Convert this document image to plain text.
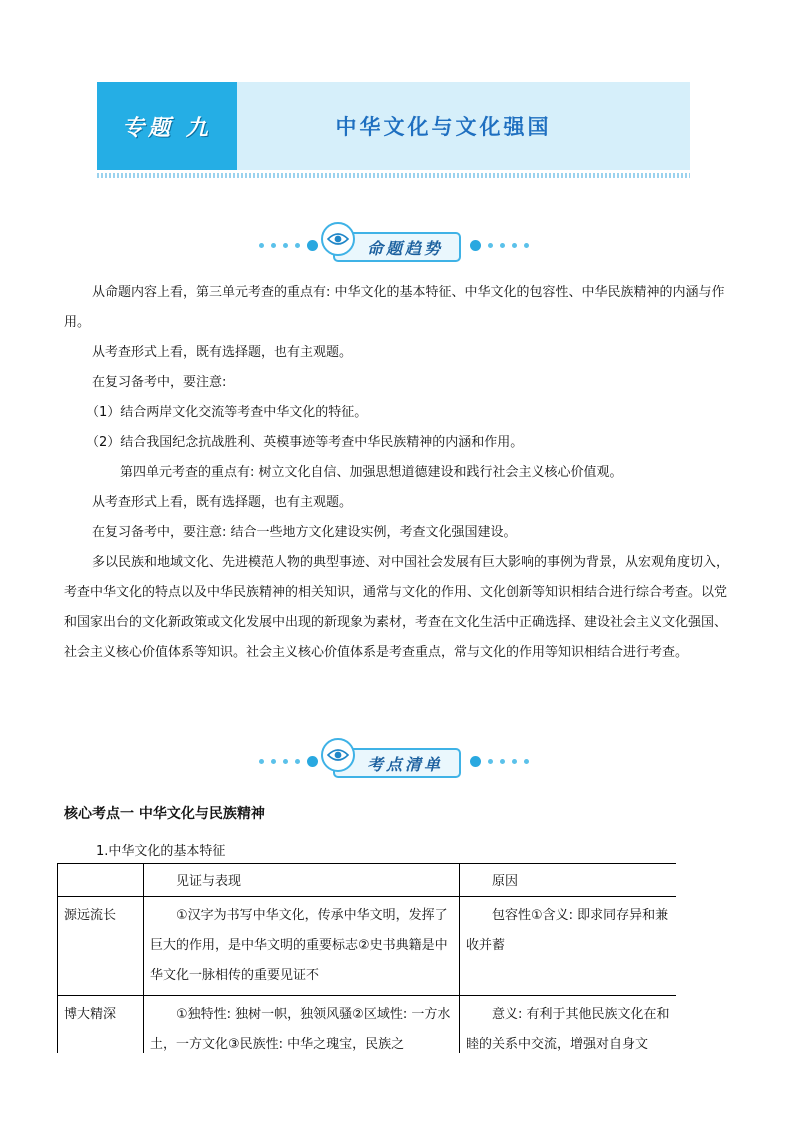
专题 九	中华文化与文化强国
命题趋势

从命题内容上看，第三单元考查的重点有: 中华文化的基本特征、中华文化的包容性、中华民族精神的内涵与作用。

从考查形式上看，既有选择题，也有主观题。

在复习备考中，要注意:

（1）结合两岸文化交流等考查中华文化的特征。

（2）结合我国纪念抗战胜利、英模事迹等考查中华民族精神的内涵和作用。

第四单元考查的重点有: 树立文化自信、加强思想道德建设和践行社会主义核心价值观。

从考查形式上看，既有选择题，也有主观题。

在复习备考中，要注意: 结合一些地方文化建设实例，考查文化强国建设。

多以民族和地域文化、先进模范人物的典型事迹、对中国社会发展有巨大影响的事例为背景，从宏观角度切入，考查中华文化的特点以及中华民族精神的相关知识，通常与文化的作用、文化创新等知识相结合进行综合考查。以党和国家出台的文化新政策或文化发展中出现的新现象为素材，考查在文化生活中正确选择、建设社会主义文化强国、社会主义核心价值体系等知识。社会主义核心价值体系是考查重点，常与文化的作用等知识相结合进行考查。

考点清单
核心考点一 中华文化与民族精神
1.中华文化的基本特征
	见证与表现	原因
源远流长	①汉字为书写中华文化，传承中华文明，发挥了巨大的作用，是中华文明的重要标志②史书典籍是中华文化一脉相传的重要见证不	包容性①含义: 即求同存异和兼收并蓄
博大精深	①独特性: 独树一帜，独领风骚②区域性: 一方水土，一方文化③民族性: 中华之瑰宝，民族之	意义: 有利于其他民族文化在和睦的关系中交流，增强对自身文
